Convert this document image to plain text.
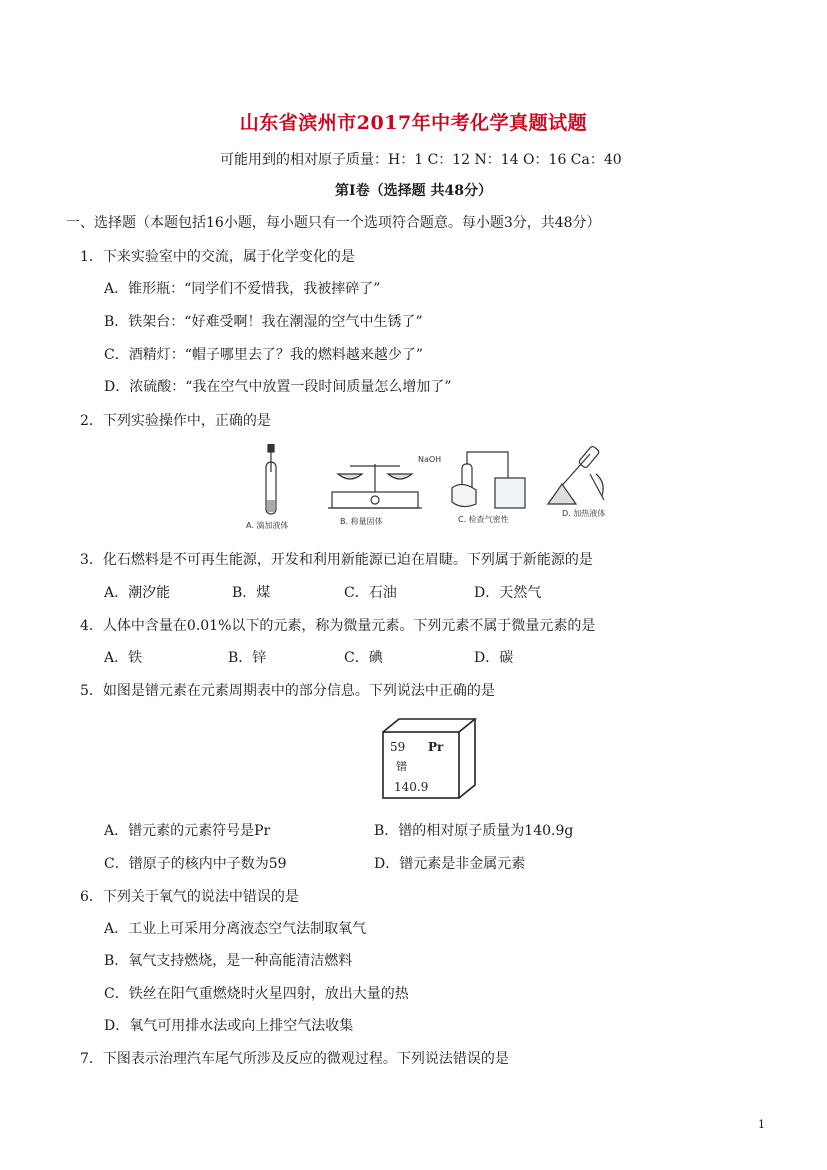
山东省滨州市2017年中考化学真题试题
可能用到的相对原子质量：H：1 C：12 N：14 O：16 Ca：40
第Ⅰ卷（选择题 共48分）
一、选择题（本题包括16小题，每小题只有一个选项符合题意。每小题3分，共48分）
1．下来实验室中的交流，属于化学变化的是
A．锥形瓶：“同学们不爱惜我，我被摔碎了”
B．铁架台：“好难受啊！我在潮湿的空气中生锈了”
C．酒精灯：“帽子哪里去了？我的燃料越来越少了”
D．浓硫酸：“我在空气中放置一段时间质量怎么增加了”
2．下列实验操作中，正确的是
A. 滴加液体
NaOH
B. 称量固体	C. 检查气密性
D. 加热液体
3．化石燃料是不可再生能源，开发和利用新能源已迫在眉睫。下列属于新能源的是
A．潮汐能	B．煤	C．石油	D．天然气
4．人体中含量在0.01%以下的元素，称为微量元素。下列元素不属于微量元素的是
A．铁	B．锌	C．碘	D．碳
5．如图是镨元素在元素周期表中的部分信息。下列说法中正确的是
59 Pr
镨
140.9
A．镨元素的元素符号是Pr	B．镨的相对原子质量为140.9g
C．镨原子的核内中子数为59	D．镨元素是非金属元素
6．下列关于氧气的说法中错误的是
A．工业上可采用分离液态空气法制取氧气
B．氧气支持燃烧，是一种高能清洁燃料
C．铁丝在阳气重燃烧时火星四射，放出大量的热
D．氧气可用排水法或向上排空气法收集
7．下图表示治理汽车尾气所涉及反应的微观过程。下列说法错误的是
1
